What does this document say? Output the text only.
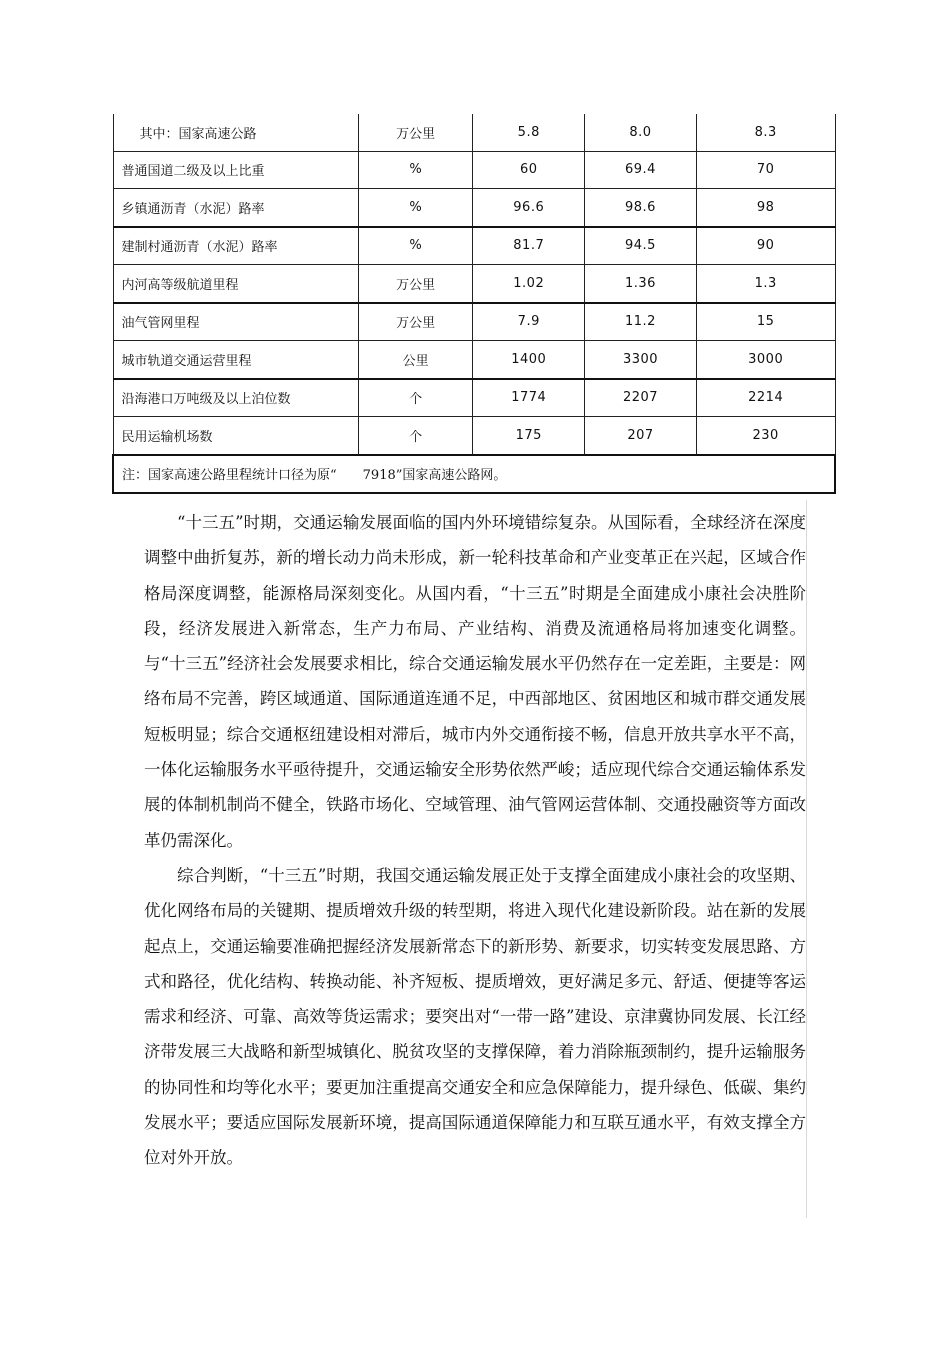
其中：国家高速公路	万公里	5.8	8.0	8.3
普通国道二级及以上比重	%	60	69.4	70
乡镇通沥青（水泥）路率	%	96.6	98.6	98
建制村通沥青（水泥）路率	%	81.7	94.5	90
内河高等级航道里程	万公里	1.02	1.36	1.3
油气管网里程	万公里	7.9	11.2	15
城市轨道交通运营里程	公里	1400	3300	3000
沿海港口万吨级及以上泊位数	个	1774	2207	2214
民用运输机场数	个	175	207	230
注：国家高速公路里程统计口径为原“　　7918”国家高速公路网。				

“十三五”时期，交通运输发展面临的国内外环境错综复杂。从国际看，全球经济在深度调整中曲折复苏，新的增长动力尚未形成，新一轮科技革命和产业变革正在兴起，区域合作格局深度调整，能源格局深刻变化。从国内看，“十三五”时期是全面建成小康社会决胜阶段，经济发展进入新常态，生产力布局、产业结构、消费及流通格局将加速变化调整。与“十三五”经济社会发展要求相比，综合交通运输发展水平仍然存在一定差距，主要是：网络布局不完善，跨区域通道、国际通道连通不足，中西部地区、贫困地区和城市群交通发展短板明显；综合交通枢纽建设相对滞后，城市内外交通衔接不畅，信息开放共享水平不高，一体化运输服务水平亟待提升，交通运输安全形势依然严峻；适应现代综合交通运输体系发展的体制机制尚不健全，铁路市场化、空域管理、油气管网运营体制、交通投融资等方面改革仍需深化。

综合判断，“十三五”时期，我国交通运输发展正处于支撑全面建成小康社会的攻坚期、优化网络布局的关键期、提质增效升级的转型期，将进入现代化建设新阶段。站在新的发展起点上，交通运输要准确把握经济发展新常态下的新形势、新要求，切实转变发展思路、方式和路径，优化结构、转换动能、补齐短板、提质增效，更好满足多元、舒适、便捷等客运需求和经济、可靠、高效等货运需求；要突出对“一带一路”建设、京津冀协同发展、长江经济带发展三大战略和新型城镇化、脱贫攻坚的支撑保障，着力消除瓶颈制约，提升运输服务的协同性和均等化水平；要更加注重提高交通安全和应急保障能力，提升绿色、低碳、集约发展水平；要适应国际发展新环境，提高国际通道保障能力和互联互通水平，有效支撑全方位对外开放。
